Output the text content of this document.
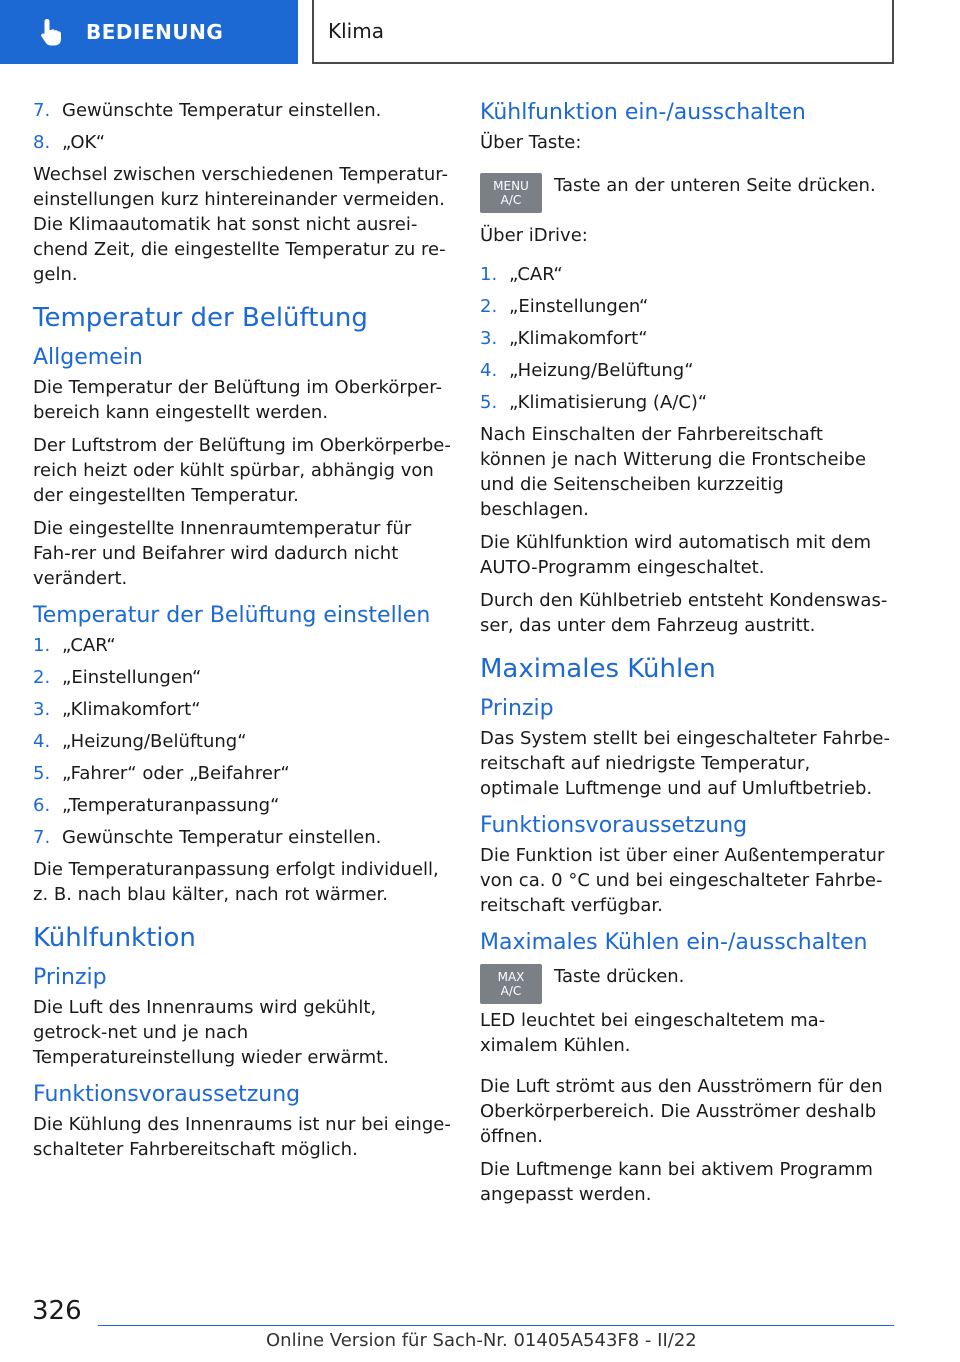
BEDIENUNG	Klima
7. Gewünschte Temperatur einstellen.
8. „OK“

Wechsel zwischen verschiedenen Temperatur-einstellungen kurz hintereinander vermeiden. Die Klimaautomatik hat sonst nicht ausrei-chend Zeit, die eingestellte Temperatur zu re-geln.

Temperatur der Belüftung
Allgemein

Die Temperatur der Belüftung im Oberkörper-bereich kann eingestellt werden.

Der Luftstrom der Belüftung im Oberkörperbe-reich heizt oder kühlt spürbar, abhängig von der eingestellten Temperatur.

Die eingestellte Innenraumtemperatur für Fah-rer und Beifahrer wird dadurch nicht verändert.

Temperatur der Belüftung einstellen
1. „CAR“
2. „Einstellungen“
3. „Klimakomfort“
4. „Heizung/Belüftung“
5. „Fahrer“ oder „Beifahrer“
6. „Temperaturanpassung“
7. Gewünschte Temperatur einstellen.

Die Temperaturanpassung erfolgt individuell, z. B. nach blau kälter, nach rot wärmer.

Kühlfunktion
Prinzip

Die Luft des Innenraums wird gekühlt, getrock-net und je nach Temperatureinstellung wieder erwärmt.

Funktionsvoraussetzung

Die Kühlung des Innenraums ist nur bei einge-schalteter Fahrbereitschaft möglich.

Kühlfunktion ein-/ausschalten

Über Taste:

MENU
A/C

Taste an der unteren Seite drücken.

Über iDrive:

1. „CAR“
2. „Einstellungen“
3. „Klimakomfort“
4. „Heizung/Belüftung“
5. „Klimatisierung (A/C)“

Nach Einschalten der Fahrbereitschaft können je nach Witterung die Frontscheibe und die Seitenscheiben kurzzeitig beschlagen.

Die Kühlfunktion wird automatisch mit dem AUTO-Programm eingeschaltet.

Durch den Kühlbetrieb entsteht Kondenswas-ser, das unter dem Fahrzeug austritt.

Maximales Kühlen
Prinzip

Das System stellt bei eingeschalteter Fahrbe-reitschaft auf niedrigste Temperatur, optimale Luftmenge und auf Umluftbetrieb.

Funktionsvoraussetzung

Die Funktion ist über einer Außentemperatur von ca. 0 °C und bei eingeschalteter Fahrbe-reitschaft verfügbar.

Maximales Kühlen ein-/ausschalten
MAX
A/C

Taste drücken.

LED leuchtet bei eingeschaltetem ma-ximalem Kühlen.

Die Luft strömt aus den Ausströmern für den Oberkörperbereich. Die Ausströmer deshalb öffnen.

Die Luftmenge kann bei aktivem Programm angepasst werden.

326
Online Version für Sach-Nr. 01405A543F8 - II/22
